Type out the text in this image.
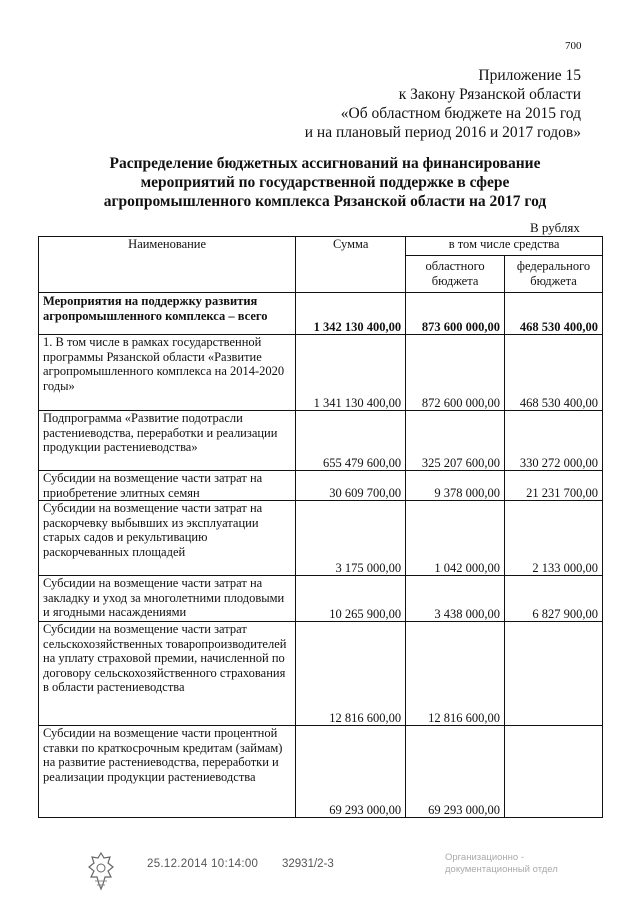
700
Приложение 15
к Закону Рязанской области
«Об областном бюджете на 2015 год
и на плановый период 2016 и 2017 годов»
Распределение бюджетных ассигнований на финансирование
мероприятий по государственной поддержке в сфере
агропромышленного комплекса Рязанской области на 2017 год
В рублях
Наименование	Сумма	в том числе средства	
		областного бюджета	федерального бюджета
Мероприятия на поддержку развития агропромышленного комплекса – всего	1 342 130 400,00	873 600 000,00	468 530 400,00
1. В том числе в рамках государственной программы Рязанской области «Развитие агропромышленного комплекса на 2014-2020 годы»	1 341 130 400,00	872 600 000,00	468 530 400,00
Подпрограмма «Развитие подотрасли растениеводства, переработки и реализации продукции растениеводства»	655 479 600,00	325 207 600,00	330 272 000,00
Субсидии на возмещение части затрат на приобретение элитных семян	30 609 700,00	9 378 000,00	21 231 700,00
Субсидии на возмещение части затрат на раскорчевку выбывших из эксплуатации старых садов и рекультивацию раскорчеванных площадей	3 175 000,00	1 042 000,00	2 133 000,00
Субсидии на возмещение части затрат на закладку и уход за многолетними плодовыми и ягодными насаждениями	10 265 900,00	3 438 000,00	6 827 900,00
Субсидии на возмещение части затрат сельскохозяйственных товаропроизводителей на уплату страховой премии, начисленной по договору сельскохозяйственного страхования в области растениеводства	12 816 600,00	12 816 600,00	
Субсидии на возмещение части процентной ставки по краткосрочным кредитам (займам) на развитие растениеводства, переработки и реализации продукции растениеводства	69 293 000,00	69 293 000,00	
25.12.2014 10:14:00 32931/2-3
Организационно -
документационный отдел
